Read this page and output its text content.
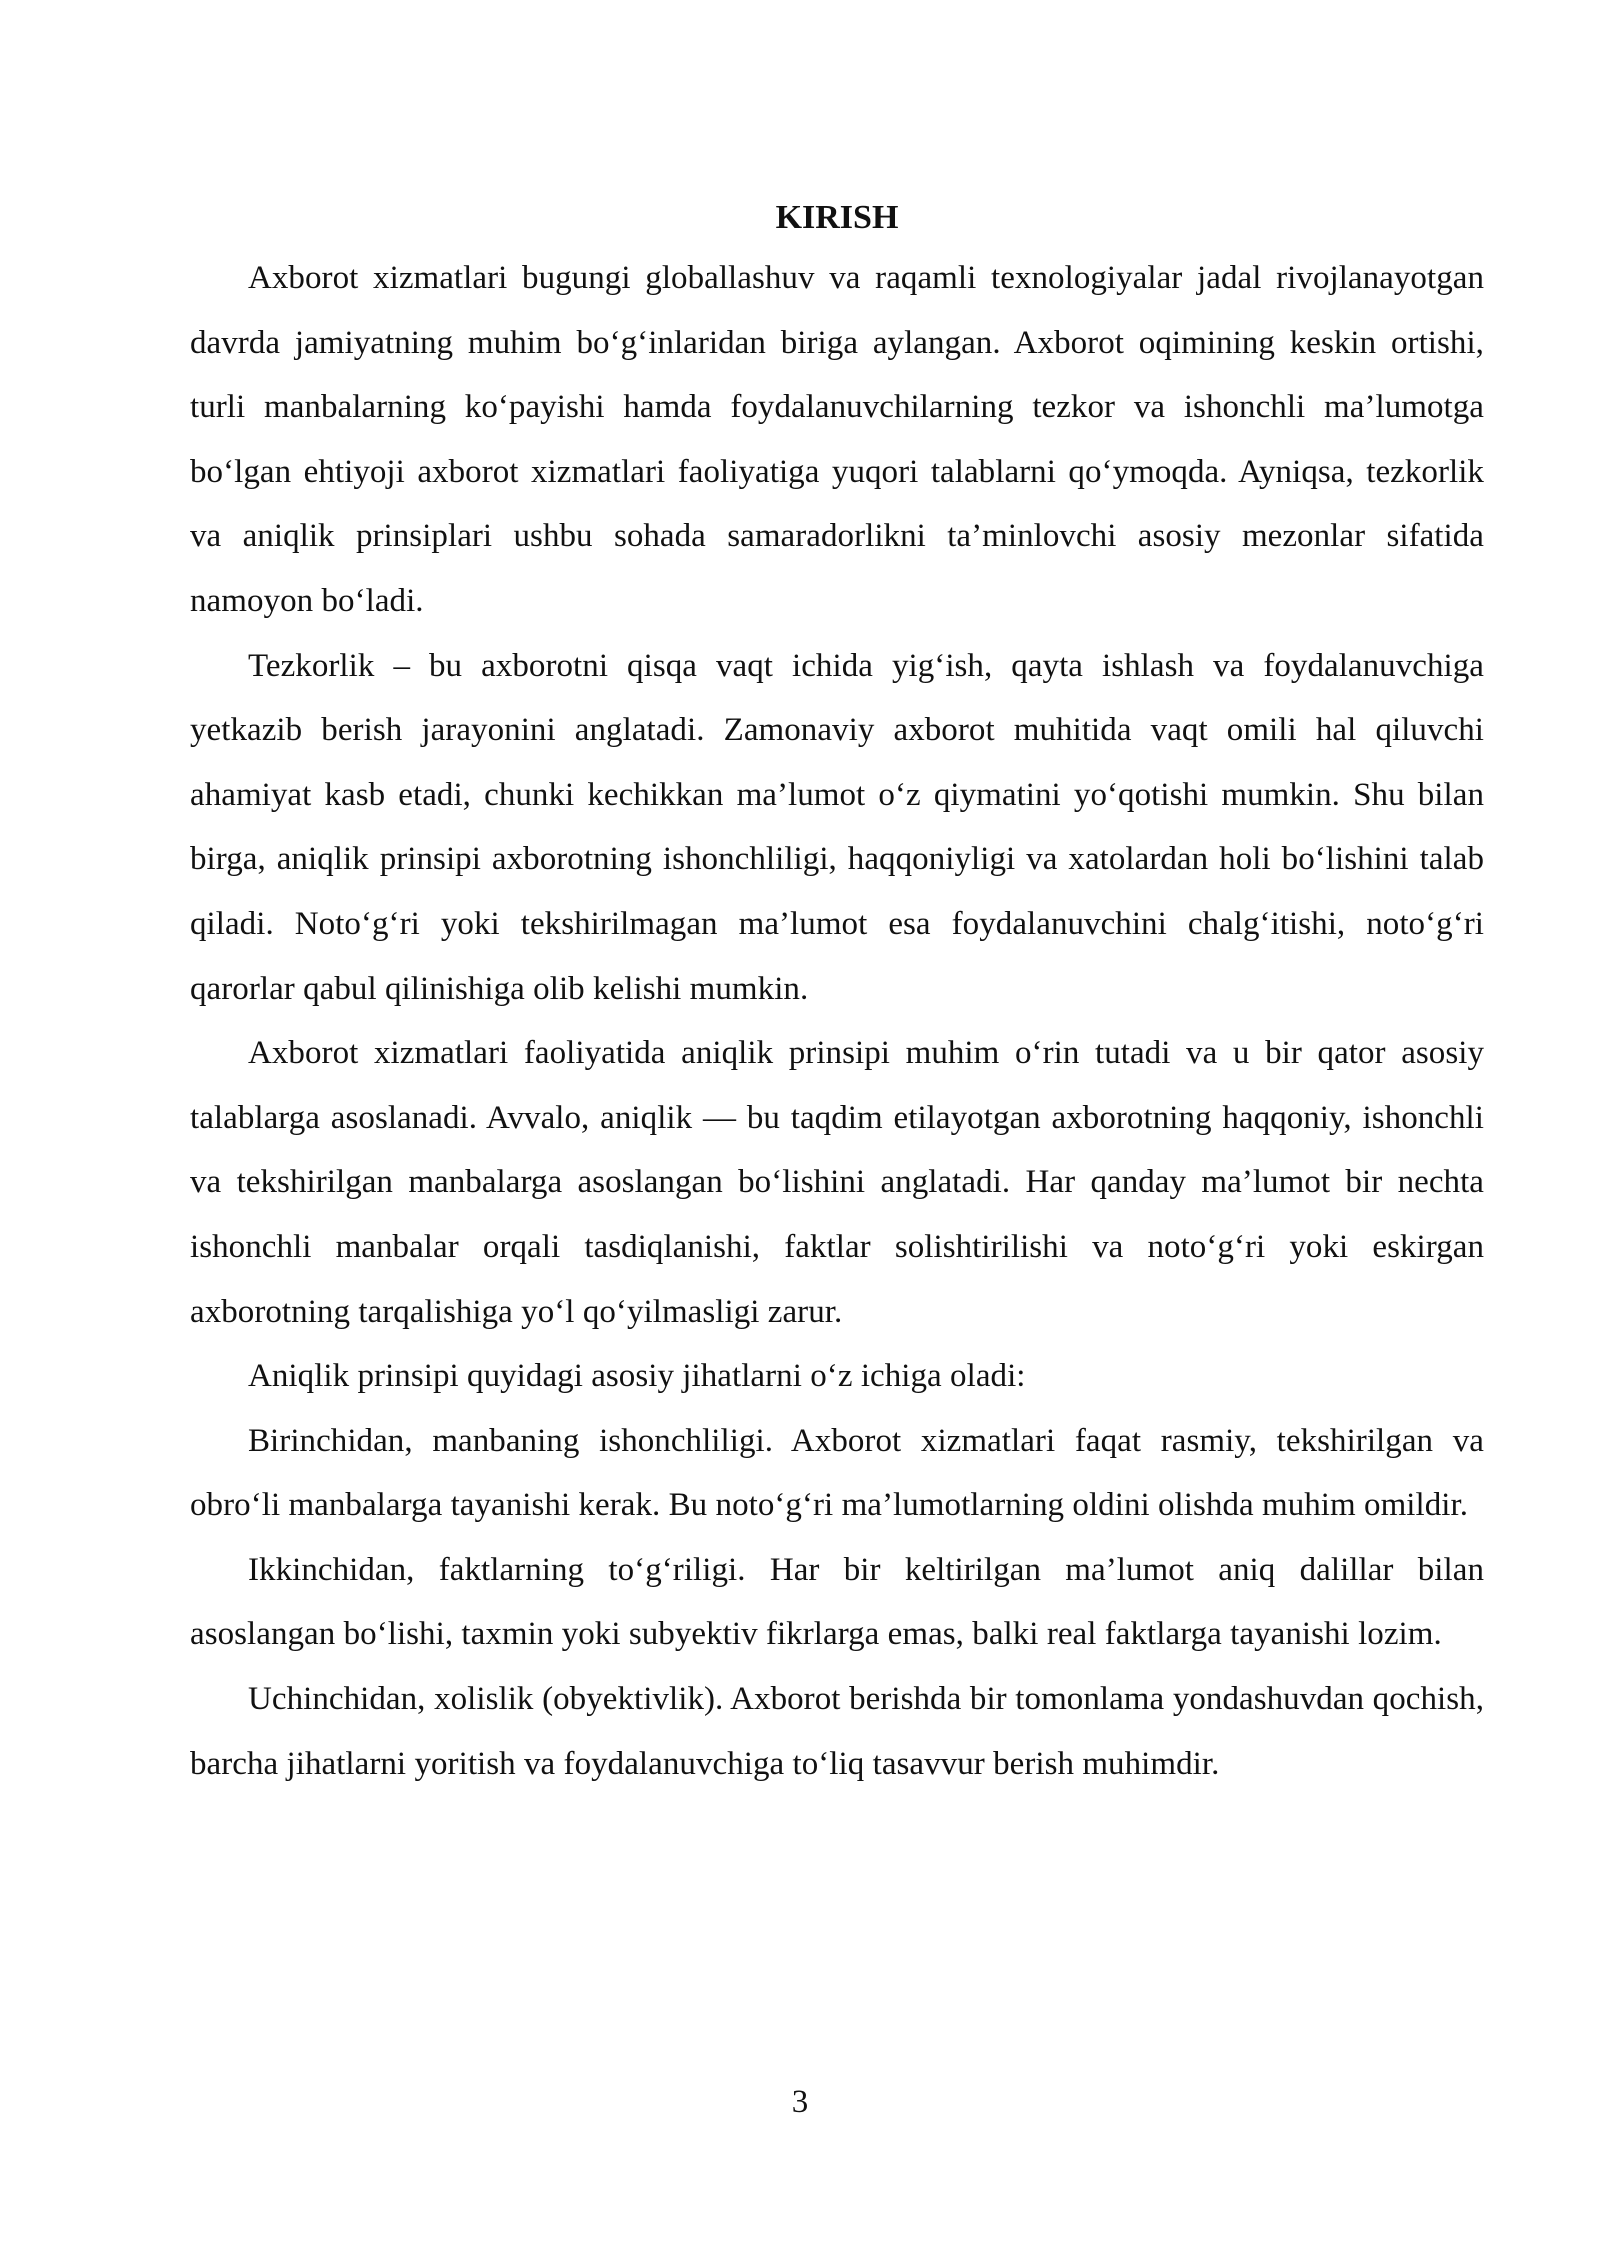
KIRISH

Axborot xizmatlari bugungi globallashuv va raqamli texnologiyalar jadal rivojlanayotgan davrda jamiyatning muhim bo‘g‘inlaridan biriga aylangan. Axborot oqimining keskin ortishi, turli manbalarning ko‘payishi hamda foydalanuvchilarning tezkor va ishonchli ma’lumotga bo‘lgan ehtiyoji axborot xizmatlari faoliyatiga yuqori talablarni qo‘ymoqda. Ayniqsa, tezkorlik va aniqlik prinsiplari ushbu sohada samaradorlikni ta’minlovchi asosiy mezonlar sifatida namoyon bo‘ladi.

Tezkorlik – bu axborotni qisqa vaqt ichida yig‘ish, qayta ishlash va foydalanuvchiga yetkazib berish jarayonini anglatadi. Zamonaviy axborot muhitida vaqt omili hal qiluvchi ahamiyat kasb etadi, chunki kechikkan ma’lumot o‘z qiymatini yo‘qotishi mumkin. Shu bilan birga, aniqlik prinsipi axborotning ishonchliligi, haqqoniyligi va xatolardan holi bo‘lishini talab qiladi. Noto‘g‘ri yoki tekshirilmagan ma’lumot esa foydalanuvchini chalg‘itishi, noto‘g‘ri qarorlar qabul qilinishiga olib kelishi mumkin.

Axborot xizmatlari faoliyatida aniqlik prinsipi muhim o‘rin tutadi va u bir qator asosiy talablarga asoslanadi. Avvalo, aniqlik — bu taqdim etilayotgan axborotning haqqoniy, ishonchli va tekshirilgan manbalarga asoslangan bo‘lishini anglatadi. Har qanday ma’lumot bir nechta ishonchli manbalar orqali tasdiqlanishi, faktlar solishtirilishi va noto‘g‘ri yoki eskirgan axborotning tarqalishiga yo‘l qo‘yilmasligi zarur.

Aniqlik prinsipi quyidagi asosiy jihatlarni o‘z ichiga oladi:

Birinchidan, manbaning ishonchliligi. Axborot xizmatlari faqat rasmiy, tekshirilgan va obro‘li manbalarga tayanishi kerak. Bu noto‘g‘ri ma’lumotlarning oldini olishda muhim omildir.

Ikkinchidan, faktlarning to‘g‘riligi. Har bir keltirilgan ma’lumot aniq dalillar bilan asoslangan bo‘lishi, taxmin yoki subyektiv fikrlarga emas, balki real faktlarga tayanishi lozim.

Uchinchidan, xolislik (obyektivlik). Axborot berishda bir tomonlama yondashuvdan qochish, barcha jihatlarni yoritish va foydalanuvchiga to‘liq tasavvur berish muhimdir.

3
